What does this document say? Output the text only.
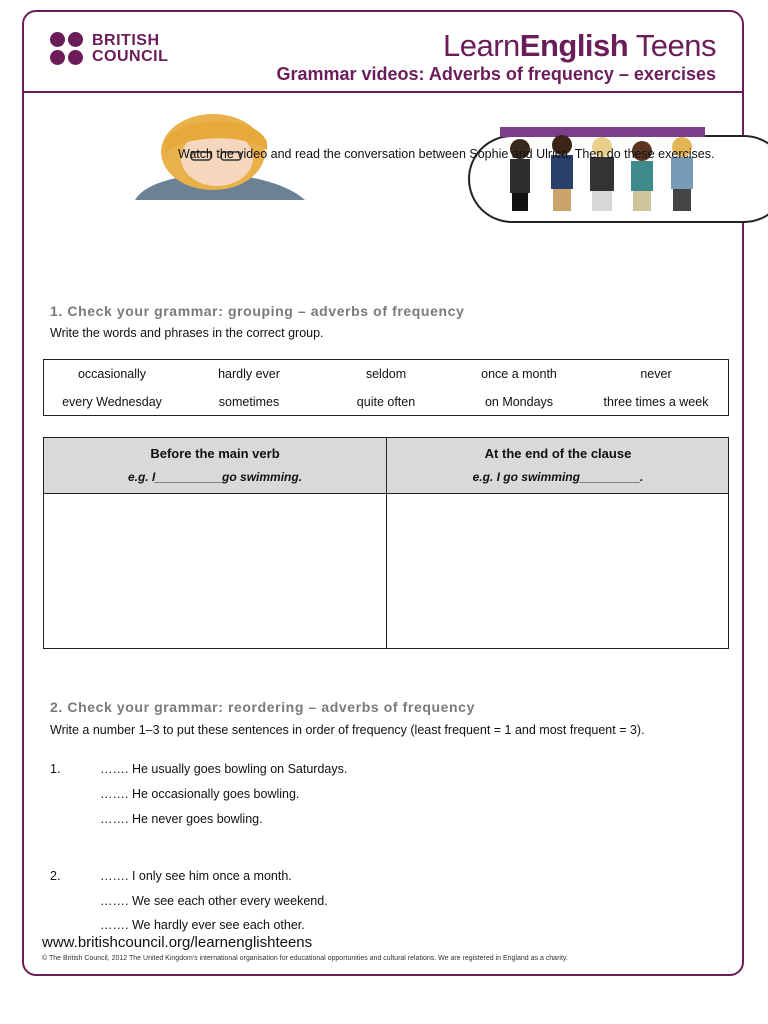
BRITISH
COUNCIL	LearnEnglish Teens
Grammar videos: Adverbs of frequency – exercises
Watch the video and read the conversation between Sophie and Ulrica. Then do these exercises.
1. Check your grammar: grouping – adverbs of frequency
Write the words and phrases in the correct group.
occasionally	hardly ever	seldom	once a month	never
every Wednesday	sometimes	quite often	on Mondays	three times a week
Before the main verb
e.g. I__________go swimming.
At the end of the clause
e.g. I go swimming_________.
2. Check your grammar: reordering – adverbs of frequency
Write a number 1–3 to put these sentences in order of frequency (least frequent = 1 and most frequent = 3).
1.	……. He usually goes bowling on Saturdays.
……. He occasionally goes bowling.
……. He never goes bowling.
2.	……. I only see him once a month.
……. We see each other every weekend.
……. We hardly ever see each other.
www.britishcouncil.org/learnenglishteens
© The British Council, 2012 The United Kingdom's international organisation for educational opportunities and cultural relations. We are registered in England as a charity.
